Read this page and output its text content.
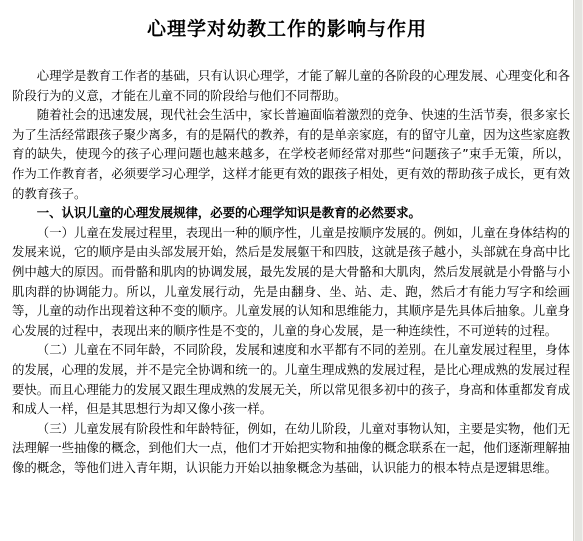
心理学对幼教工作的影响与作用

心理学是教育工作者的基础，只有认识心理学，才能了解儿童的各阶段的心理发展、心理变化和各阶段行为的义意，才能在儿童不同的阶段给与他们不同帮助。

随着社会的迅速发展，现代社会生活中，家长普遍面临着激烈的竞争、快速的生活节奏，很多家长为了生活经常跟孩子聚少离多，有的是隔代的教养，有的是单亲家庭，有的留守儿童，因为这些家庭教育的缺失，使现今的孩子心理问题也越来越多，在学校老师经常对那些“问题孩子”束手无策，所以，作为工作教育者，必须要学习心理学，这样才能更有效的跟孩子相处，更有效的帮助孩子成长，更有效的教育孩子。

一、认识儿童的心理发展规律，必要的心理学知识是教育的必然要求。

（一）儿童在发展过程里，表现出一种的顺序性，儿童是按顺序发展的。例如，儿童在身体结构的发展来说，它的顺序是由头部发展开始，然后是发展躯干和四肢，这就是孩子越小，头部就在身高中比例中越大的原因。而骨骼和肌肉的协调发展，最先发展的是大骨骼和大肌肉，然后发展就是小骨骼与小肌肉群的协调能力。所以，儿童发展行动，先是由翻身、坐、站、走、跑，然后才有能力写字和绘画等，儿童的动作出现着这种不变的顺序。儿童发展的认知和思维能力，其顺序是先具体后抽象。儿童身心发展的过程中，表现出来的顺序性是不变的，儿童的身心发展，是一种连续性，不可逆转的过程。

（二）儿童在不同年龄，不同阶段，发展和速度和水平都有不同的差别。在儿童发展过程里，身体的发展，心理的发展，并不是完全协调和统一的。儿童生理成熟的发展过程，是比心理成熟的发展过程要快。而且心理能力的发展又跟生理成熟的发展无关，所以常见很多初中的孩子，身高和体重都发育成和成人一样，但是其思想行为却又像小孩一样。

（三）儿童发展有阶段性和年龄特征，例如，在幼儿阶段，儿童对事物认知，主要是实物，他们无法理解一些抽像的概念，到他们大一点，他们才开始把实物和抽像的概念联系在一起，他们逐渐理解抽像的概念，等他们进入青年期，认识能力开始以抽象概念为基础，认识能力的根本特点是逻辑思维。
